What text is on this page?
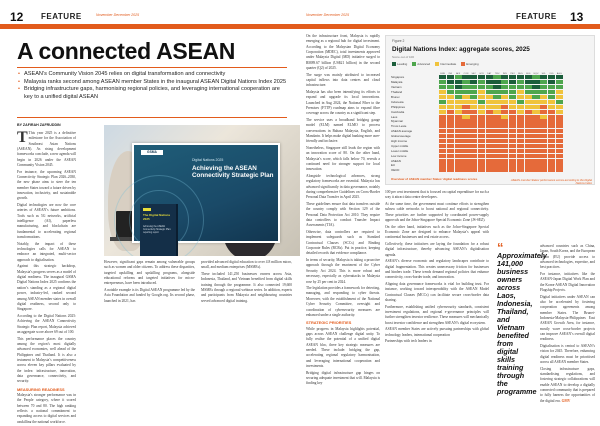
12 FEATURE	November December 2025
A connected ASEAN
• ASEAN’s Community Vision 2045 relies on digital transformation and connectivity
• Malaysia ranks second among ASEAN member States in the inaugural ASEAN Digital Nations Index 2025
• Bridging infrastructure gaps, harmonising regional policies, and leveraging international cooperation are key to a unified digital ASEAN
BY ZAFIRAH ZAFRUDDIN

T This year 2025 is a definitive milestone for the Association of Southeast Asian Nations (ASEAN). As rising development frameworks conclude, a new agenda will begin in 2026 under the ASEAN Community Vision 2045.

For instance, the upcoming ASEAN Connectivity Strategic Plan 2026–2030, the new phase aims to steer the ten member States toward a future driven by innovation, inclusivity, and sustainable growth.

Digital technologies are now the core arteries of ASEAN’s future ambitions. Tools such as 5G networks, artificial intelligence (AI), paperless manufacturing, and blockchain are fundamental to accelerating regional transformations.

Notably, the impact of these technologies calls for ASEAN to embrace an integrated, multi-sector approach to digitalisation.

Against this strategic backdrop, Malaysia’s progress serves as a model of digital readiness. The inaugural GSMA Digital Nations Index 2025 confirms the nation’s standing as a regional digital power, industry-led, ranked second among ASEAN member states in overall digital readiness, second only to Singapore.

According to the Digital Nations 2025: Achieving the ASEAN Connectivity Strategic Plan report, Malaysia achieved an aggregate score above 69 out of 100.

This performance places the country among the region’s most digitally advanced economies, well ahead of the Philippines and Thailand. It is also a testament to Malaysia’s competitiveness across eleven key pillars evaluated by the index: infrastructure, innovation, data governance, connectivity, and security.

MEASURING READINESS

Malaysia’s stronger performance was in the People category, where it scored between 70 and 80. The high ranking reflects a national commitment to expanding access to digital services and upskilling the national workforce.

GSMA
Digital Nations 2025
Achieving the ASEAN Connectivity Strategic Plan
The Digital Nations 2025
Achieving the ASEAN Connectivity Strategic Plan: reporting report

However, significant gaps remain among vulnerable groups such as women and older citizens. To address these disparities, targeted upskilling and upskilling programs, alongside educational reforms and targeted initiatives for micro-entrepreneurs, have been introduced.

A notable example is its Digital ASEAN programme led by the Asia Foundation and funded by Google.org. Its second phase, launched in 2021, has

provided advanced digital education to over 4.8 million micro, small, and medium enterprises (MSMEs).

These included 141,250 businesses owners across Asia, Indonesia, Thailand, and Vietnam benefited from digital skills training through the programme. It also connected 19,600 MSMEs through a regional webinar series. In addition, experts and participants from Malaysia and neighbouring countries served advanced digital training.

November December 2025	FEATURE 13

On the infrastructure front, Malaysia is rapidly emerging as a regional hub for digital investment. According to the Malaysian Digital Economy Corporation (MDEC), total investments approved under Malaysia Digital (MD) initiative surged to RM89.67 billion (US$21 billion) in the second quarter (Q2) of 2025.

The surge was mainly attributed to increased capital inflows into data centres and cloud infrastructure.

Malaysia has also been intensifying its efforts to expand and upgrade its local innovations. Launched in Aug 2024, the National Fiber to the Premises (FTTP) roadmap aims to expand fibre coverage across the country as a significant step.

The service uses a broadband bridging gauge model (ELM) named ELMO to process conversations in Bahasa Malaysia, English, and Mandarin. It helps make digital banking more user-friendly and inclusive.

Nonetheless, Singapore still leads the region with an innovation score of 80. On the other hand, Malaysia’s score, which falls below 70, reveals a continued need for stronger support for local innovation.

Alongside technological advances, strong regulatory frameworks are essential. Malaysia has advanced significantly in data governance, notably during comprehensive Guidelines on Cross-Border Personal Data Transfer in April 2025.

These guidelines ensure that data transfers outside the country comply with Section 129 of the Personal Data Protection Act 2010. They require data controllers to conduct Transfer Impact Assessments (TIA).

Otherwise, data controllers are required to implement safeguards such as Standard Contractual Clauses (SCCs) and Binding Corporate Rules (BCRs). Put in practice, keeping detailed records that evidence compliance.

In terms of security, Malaysia is taking a proactive approach through the enactment of the Cyber Security Act 2024. This is more robust and necessary, especially as cyberattacks in Malaysia rose by 25 per cent in 2024.

The legislation provides a framework for detecting, managing, and responding to cyber threats. Moreover, with the establishment of the National Cyber Security Committee, oversight and coordination of cybersecurity measures are enhanced under a single authority.

STRATEGIC PRIORITIES

While progress in Malaysia highlights potential, gaps across ASEAN challenge digital unity. To fully realise the potential of a unified digital ASEAN bloc, there key strategic measures are needed. These include: bridging the gap, accelerating regional regulatory harmonisation, and leveraging international cooperation and investments.

Bridging digital infrastructure gap hinges on securing adequate investment that will. Malaysia is finding key

Figure 2
Digital Nations Index: aggregate scores, 2025
Score out of 100
Leading	Advanced	Intermediate	Emerging
ENB	INF	AFF	CON	SEC	GOV	DAT	TRU	INN	PEO	BUS	SUS	EQU	SKL	DIG	AGG
Singapore
Malaysia
Vietnam
Thailand
Brunei
Indonesia
Philippines
Cambodia
Laos
Myanmar
Timor-Leste
ASEAN average
Global average
High income
Upper middle
Lower middle
Low income
ASEAN
EU
OECD
Overview of ASEAN member States’ digital readiness scores	ASEAN member States’ performance scores according to the Digital Nations Index

100 per cent investment that is focused on capital expenditure for such a way it attract data centre developers.

At the same time, the government must continue efforts to strengthen subsea cable networks to boost national and regional connectivity. These priorities are further supported by coordinated power-supply approvals and the Johor-Singapore Special Economic Zone (JS-SEZ).

On the other hand, initiatives such as the Johor-Singapore Special Economic Zone are designed to enhance Malaysia’s appeal with continental businesses and real estate access.

Collectively, these initiatives are laying the foundation for a robust digital infrastructure, thereby advancing ASEAN’s digitalisation agenda.

ASEAN’s diverse economic and regulatory landscapes contribute to digital fragmentation. This creates unnecessary friction for businesses and hinders trade. These trends demand regional policies that enhance connectivity, cross-border trade, and innovation.

Aligning data governance frameworks is vital for building trust. For instance, working toward interoperability with the ASEAN Model Contractual Clauses (MCCs) can facilitate secure cross-border data sharing.

Furthermore, establishing unified cybersecurity standards, consistent investment regulations, and regional e-governance principles will further strengthen investor resilience. These measures will mechanically boost investor confidence and strengthen ASEAN’s digital ecosystem.

ASEAN member States are actively pursuing partnerships with global technology leaders, international cooperation

Partnerships with tech leaders in

“
Approximately 141,000 business owners across Laos, Indonesia, Thailand, and Vietnam benefited from digital skills training through the programme

advanced countries such as China, Japan, South Korea, and the European Union (EU) provide access to advanced technologies, expertise, and best practices.

For instance, initiatives like the ASEAN-Japan Digital Work Plan and the Korea-ASEAN Digital Innovation Flagship Projects.

Digital initiatives under ASEAN can also be accelerated by fostering cooperation agreements among member States. The Brunei-Indonesia-Malaysia-Philippines East ASEAN Growth Area, for instance, mostly wave cross-border projects can improve ASEAN’s overall digital readiness.

Digitalisation is central to ASEAN’s vision for 2045. Therefore, enhancing digital readiness must be prioritised across all ASEAN member States.

Closing infrastructure gaps, standardising regulations, and fostering strategic collaborations will enable ASEAN to develop a digitally connected community that is prepared to fully harness the opportunities of the digital era. GMV
